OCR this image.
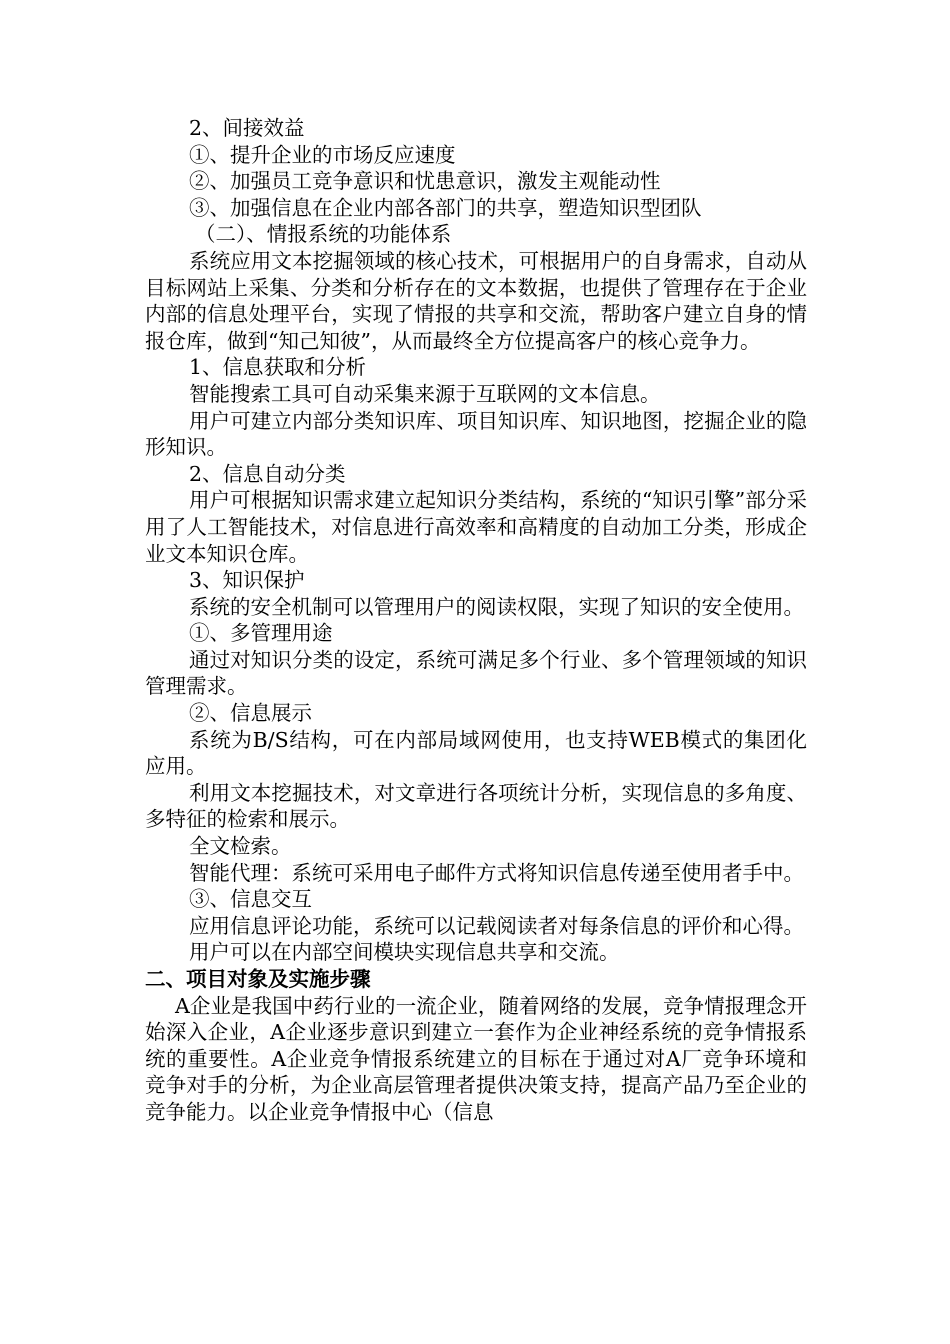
2、间接效益

①、提升企业的市场反应速度

②、加强员工竞争意识和忧患意识，激发主观能动性

③、加强信息在企业内部各部门的共享，塑造知识型团队

（二）、情报系统的功能体系

系统应用文本挖掘领域的核心技术，可根据用户的自身需求，自动从目标网站上采集、分类和分析存在的文本数据，也提供了管理存在于企业内部的信息处理平台，实现了情报的共享和交流，帮助客户建立自身的情报仓库，做到“知己知彼”，从而最终全方位提高客户的核心竞争力。

1、信息获取和分析

智能搜索工具可自动采集来源于互联网的文本信息。

用户可建立内部分类知识库、项目知识库、知识地图，挖掘企业的隐形知识。

2、信息自动分类

用户可根据知识需求建立起知识分类结构，系统的“知识引擎”部分采用了人工智能技术，对信息进行高效率和高精度的自动加工分类，形成企业文本知识仓库。

3、知识保护

系统的安全机制可以管理用户的阅读权限，实现了知识的安全使用。

①、多管理用途

通过对知识分类的设定，系统可满足多个行业、多个管理领域的知识管理需求。

②、信息展示

系统为B/S结构，可在内部局域网使用，也支持WEB模式的集团化应用。

利用文本挖掘技术，对文章进行各项统计分析，实现信息的多角度、多特征的检索和展示。

全文检索。

智能代理：系统可采用电子邮件方式将知识信息传递至使用者手中。

③、信息交互

应用信息评论功能，系统可以记载阅读者对每条信息的评价和心得。

用户可以在内部空间模块实现信息共享和交流。

二、项目对象及实施步骤

A企业是我国中药行业的一流企业，随着网络的发展，竞争情报理念开始深入企业，A企业逐步意识到建立一套作为企业神经系统的竞争情报系统的重要性。A企业竞争情报系统建立的目标在于通过对A厂竞争环境和竞争对手的分析，为企业高层管理者提供决策支持，提高产品乃至企业的竞争能力。以企业竞争情报中心（信息
